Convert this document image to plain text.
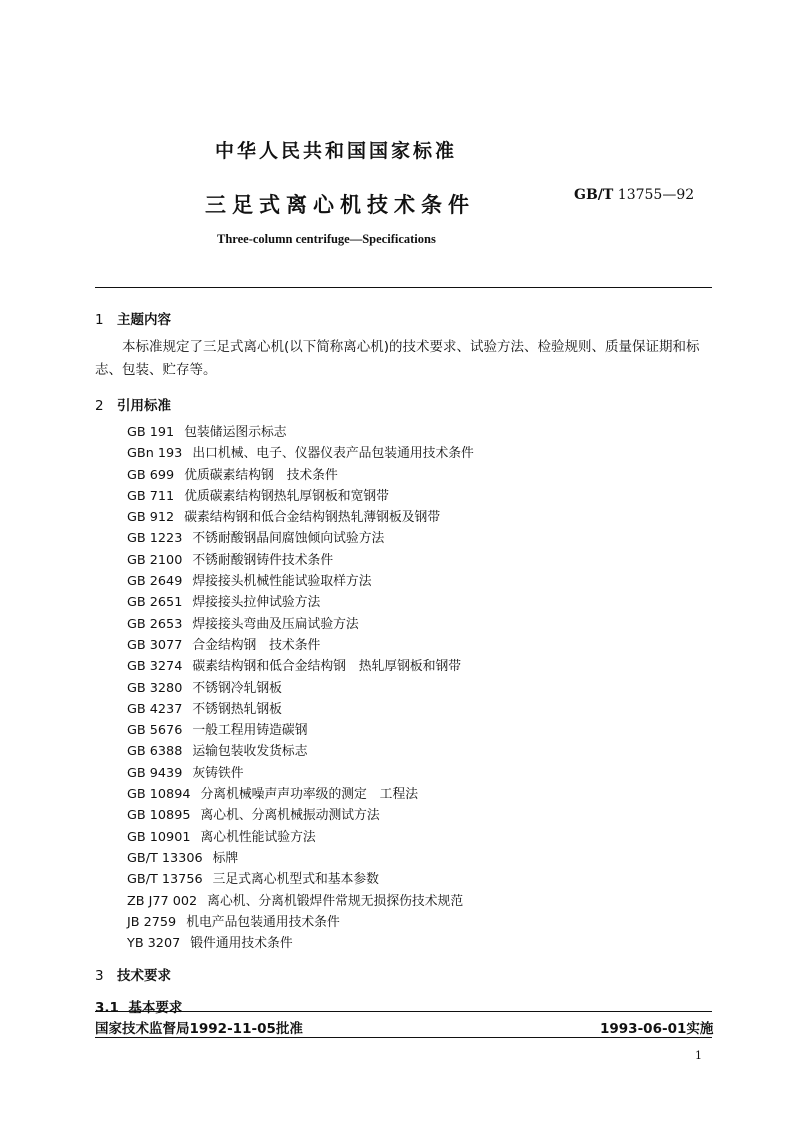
中华人民共和国国家标准
三足式离心机技术条件	GB/T 13755—92
Three-column centrifuge—Specifications
1 主题内容
本标准规定了三足式离心机(以下简称离心机)的技术要求、试验方法、检验规则、质量保证期和标志、包装、贮存等。
2 引用标准
GB 191 包装储运图示标志
GBn 193 出口机械、电子、仪器仪表产品包装通用技术条件
GB 699 优质碳素结构钢　技术条件
GB 711 优质碳素结构钢热轧厚钢板和宽钢带
GB 912 碳素结构钢和低合金结构钢热轧薄钢板及钢带
GB 1223 不锈耐酸钢晶间腐蚀倾向试验方法
GB 2100 不锈耐酸钢铸件技术条件
GB 2649 焊接接头机械性能试验取样方法
GB 2651 焊接接头拉伸试验方法
GB 2653 焊接接头弯曲及压扁试验方法
GB 3077 合金结构钢　技术条件
GB 3274 碳素结构钢和低合金结构钢　热轧厚钢板和钢带
GB 3280 不锈钢冷轧钢板
GB 4237 不锈钢热轧钢板
GB 5676 一般工程用铸造碳钢
GB 6388 运输包装收发货标志
GB 9439 灰铸铁件
GB 10894 分离机械噪声声功率级的测定　工程法
GB 10895 离心机、分离机械振动测试方法
GB 10901 离心机性能试验方法
GB/T 13306 标牌
GB/T 13756 三足式离心机型式和基本参数
ZB J77 002 离心机、分离机锻焊件常规无损探伤技术规范
JB 2759 机电产品包装通用技术条件
YB 3207 锻件通用技术条件
3 技术要求
3.1 基本要求
国家技术监督局1992-11-05批准	1993-06-01实施
1
